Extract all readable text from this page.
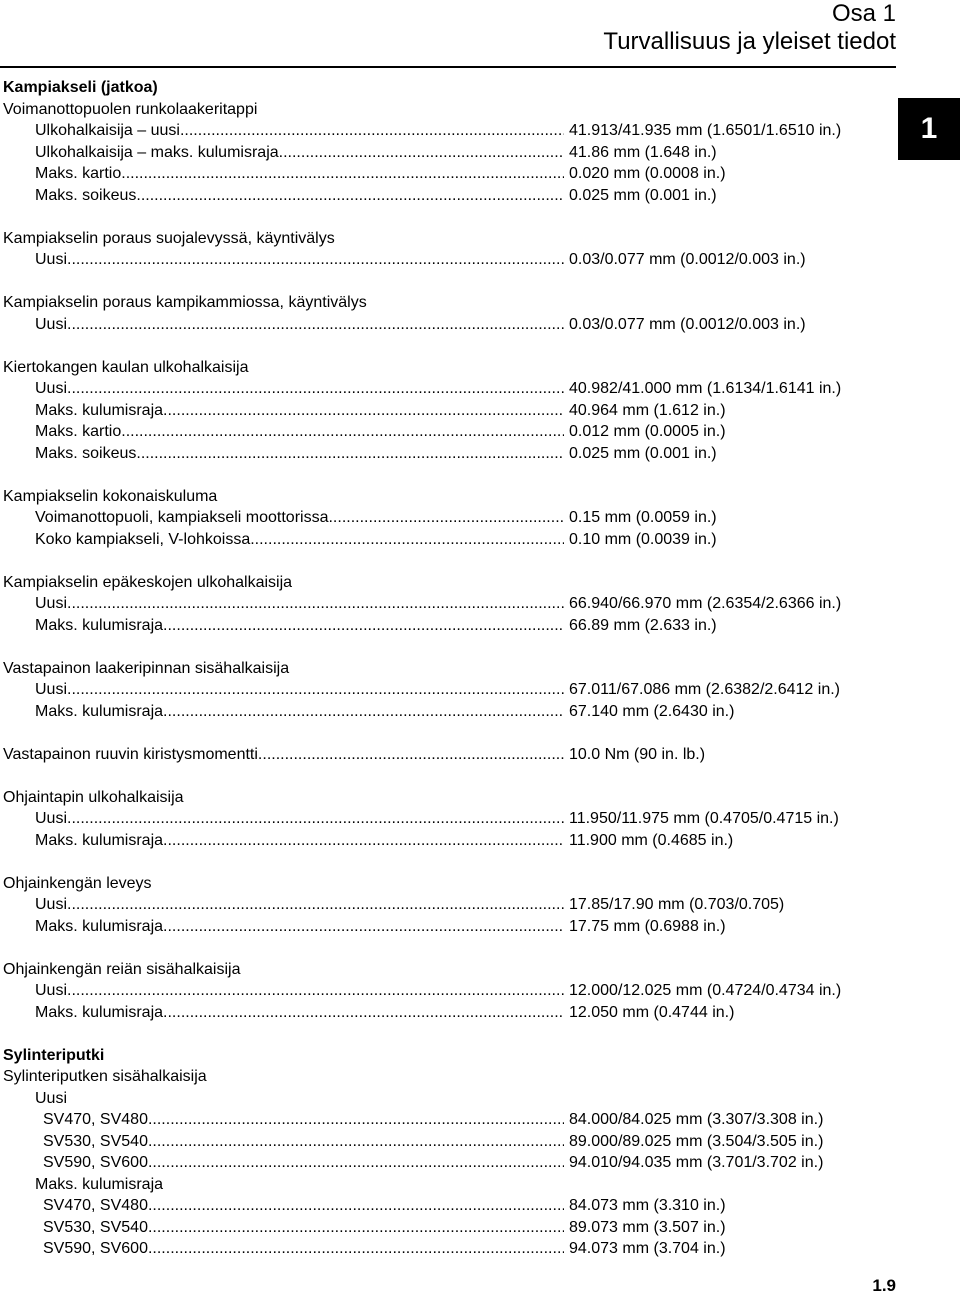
Osa 1
Turvallisuus ja yleiset tiedot
1
Kampiakseli (jatkoa)
Voimanottopuolen runkolaakeritappi
Ulkohalkaisija – uusi .....	41.913/41.935 mm (1.6501/1.6510 in.)
Ulkohalkaisija – maks. kulumisraja .....	41.86 mm (1.648 in.)
Maks. kartio .....	0.020 mm (0.0008 in.)
Maks. soikeus .....	0.025 mm (0.001 in.)
Kampiakselin poraus suojalevyssä, käyntivälys
Uusi .....	0.03/0.077 mm (0.0012/0.003 in.)
Kampiakselin poraus kampikammiossa, käyntivälys
Uusi .....	0.03/0.077 mm (0.0012/0.003 in.)
Kiertokangen kaulan ulkohalkaisija
Uusi .....	40.982/41.000 mm (1.6134/1.6141 in.)
Maks. kulumisraja .....	40.964 mm (1.612 in.)
Maks. kartio .....	0.012 mm (0.0005 in.)
Maks. soikeus .....	0.025 mm (0.001 in.)
Kampiakselin kokonaiskuluma
Voimanottopuoli, kampiakseli moottorissa .....	0.15 mm (0.0059 in.)
Koko kampiakseli, V-lohkoissa .....	0.10 mm (0.0039 in.)
Kampiakselin epäkeskojen ulkohalkaisija
Uusi .....	66.940/66.970 mm (2.6354/2.6366 in.)
Maks. kulumisraja .....	66.89 mm (2.633 in.)
Vastapainon laakeripinnan sisähalkaisija
Uusi .....	67.011/67.086 mm (2.6382/2.6412 in.)
Maks. kulumisraja .....	67.140 mm (2.6430 in.)
Vastapainon ruuvin kiristysmomentti .....	10.0 Nm (90 in. lb.)
Ohjaintapin ulkohalkaisija
Uusi .....	11.950/11.975 mm (0.4705/0.4715 in.)
Maks. kulumisraja .....	11.900 mm (0.4685 in.)
Ohjainkengän leveys
Uusi .....	17.85/17.90 mm (0.703/0.705)
Maks. kulumisraja .....	17.75 mm (0.6988 in.)
Ohjainkengän reiän sisähalkaisija
Uusi .....	12.000/12.025 mm (0.4724/0.4734 in.)
Maks. kulumisraja .....	12.050 mm (0.4744 in.)
Sylinteriputki
Sylinteriputken sisähalkaisija
Uusi
SV470, SV480 .....	84.000/84.025 mm (3.307/3.308 in.)
SV530, SV540 .....	89.000/89.025 mm (3.504/3.505 in.)
SV590, SV600 .....	94.010/94.035 mm (3.701/3.702 in.)
Maks. kulumisraja
SV470, SV480 .....	84.073 mm (3.310 in.)
SV530, SV540 .....	89.073 mm (3.507 in.)
SV590, SV600 .....	94.073 mm (3.704 in.)
1.9
